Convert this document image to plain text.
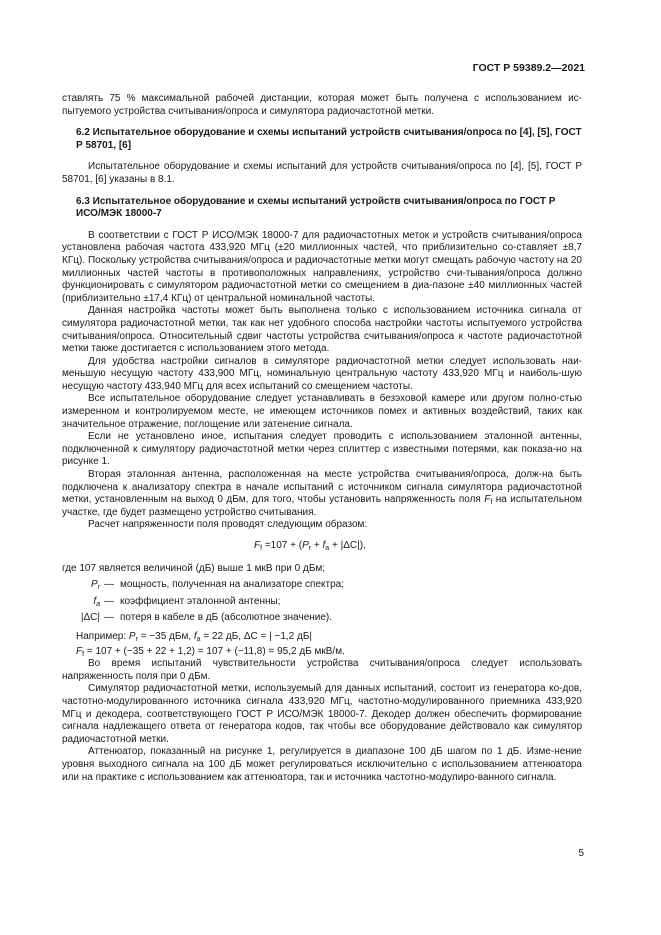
ГОСТ Р 59389.2—2021

ставлять 75 % максимальной рабочей дистанции, которая может быть получена с использованием ис-пытуемого устройства считывания/опроса и симулятора радиочастотной метки.

6.2 Испытательное оборудование и схемы испытаний устройств считывания/опроса по [4], [5], ГОСТ Р 58701, [6]

Испытательное оборудование и схемы испытаний для устройств считывания/опроса по [4], [5], ГОСТ Р 58701, [6] указаны в 8.1.

6.3 Испытательное оборудование и схемы испытаний устройств считывания/опроса по ГОСТ Р ИСО/МЭК 18000-7

В соответствии с ГОСТ Р ИСО/МЭК 18000-7 для радиочастотных меток и устройств считывания/опроса установлена рабочая частота 433,920 МГц (±20 миллионных частей, что приблизительно со-ставляет ±8,7 КГц). Поскольку устройства считывания/опроса и радиочастотные метки могут смещать рабочую частоту на 20 миллионных частей частоты в противоположных направлениях, устройство счи-тывания/опроса должно функционировать с симулятором радиочастотной метки со смещением в диа-пазоне ±40 миллионных частей (приблизительно ±17,4 КГц) от центральной номинальной частоты.

Данная настройка частоты может быть выполнена только с использованием источника сигнала от симулятора радиочастотной метки, так как нет удобного способа настройки частоты испытуемого устройства считывания/опроса. Относительный сдвиг частоты устройства считывания/опроса к частоте радиочастотной метки также достигается с использованием этого метода.

Для удобства настройки сигналов в симуляторе радиочастотной метки следует использовать наи-меньшую несущую частоту 433,900 МГц, номинальную центральную частоту 433,920 МГц и наиболь-шую несущую частоту 433,940 МГц для всех испытаний со смещением частоты.

Все испытательное оборудование следует устанавливать в безэховой камере или другом полно-стью измеренном и контролируемом месте, не имеющем источников помех и активных воздействий, таких как значительное отражение, поглощение или затенение сигнала.

Если не установлено иное, испытания следует проводить с использованием эталонной антенны, подключенной к симулятору радиочастотной метки через сплиттер с известными потерями, как показа-но на рисунке 1.

Вторая эталонная антенна, расположенная на месте устройства считывания/опроса, долж-на быть подключена к анализатору спектра в начале испытаний с источником сигнала симулятора радиочастотной метки, установленным на выход 0 дБм, для того, чтобы установить напряженность поля $F_f$ на испытательном участке, где будет размещено устройство считывания.

Расчет напряженности поля проводят следующим образом:

$F_f =107 + (P_r + f_a + |\Delta C|)$,

где 107 является величиной (дБ) выше 1 мкВ при 0 дБм;

$P_r$ — мощность, полученная на анализаторе спектра;
$f_a$ — коэффициент эталонной антенны;
|ΔC| — потеря в кабеле в дБ (абсолютное значение).

Например: $P_r = -35$ дБм, $f_a = 22$ дБ, ΔC = | −1,2 дБ|

$F_f = 107 + (-35 + 22 + 1,2) = 107 + (-11,8) = 95,2$ дБ мкВ/м.

Во время испытаний чувствительности устройства считывания/опроса следует использовать напряженность поля при 0 дБм.

Симулятор радиочастотной метки, используемый для данных испытаний, состоит из генератора ко-дов, частотно-модулированного источника сигнала 433,920 МГц, частотно-модулированного приемника 433,920 МГц и декодера, соответствующего ГОСТ Р ИСО/МЭК 18000-7. Декодер должен обеспечить формирование сигнала надлежащего ответа от генератора кодов, так чтобы все оборудование действовало как симулятор радиочастотной метки.

Аттенюатор, показанный на рисунке 1, регулируется в диапазоне 100 дБ шагом по 1 дБ. Изме-нение уровня выходного сигнала на 100 дБ может регулироваться исключительно с использованием аттенюатора или на практике с использованием как аттенюатора, так и источника частотно-модулиро-ванного сигнала.

5
